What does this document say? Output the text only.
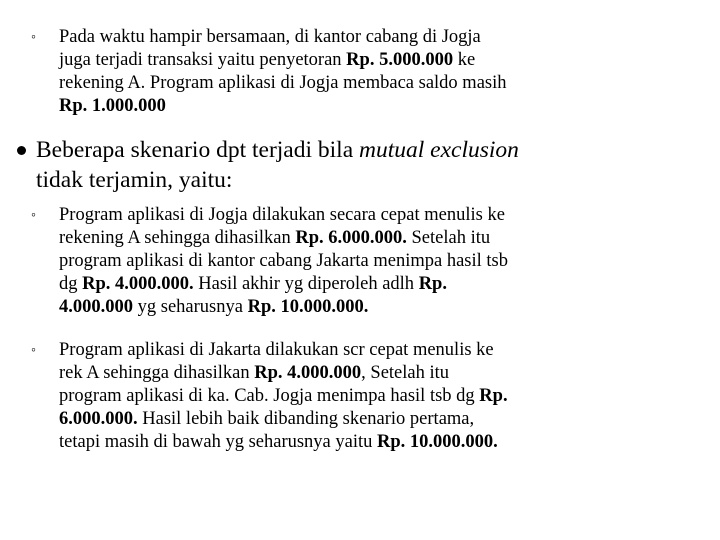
◦ Pada waktu hampir bersamaan, di kantor cabang di Jogja
juga terjadi transaksi yaitu penyetoran Rp. 5.000.000 ke
rekening A. Program aplikasi di Jogja membaca saldo masih
Rp. 1.000.000
Beberapa skenario dpt terjadi bila mutual exclusion
tidak terjamin, yaitu:
◦ Program aplikasi di Jogja dilakukan secara cepat menulis ke
rekening A sehingga dihasilkan Rp. 6.000.000. Setelah itu
program aplikasi di kantor cabang Jakarta menimpa hasil tsb
dg Rp. 4.000.000. Hasil akhir yg diperoleh adlh Rp.
4.000.000 yg seharusnya Rp. 10.000.000.
◦ Program aplikasi di Jakarta dilakukan scr cepat menulis ke
rek A sehingga dihasilkan Rp. 4.000.000, Setelah itu
program aplikasi di ka. Cab. Jogja menimpa hasil tsb dg Rp.
6.000.000. Hasil lebih baik dibanding skenario pertama,
tetapi masih di bawah yg seharusnya yaitu Rp. 10.000.000.
